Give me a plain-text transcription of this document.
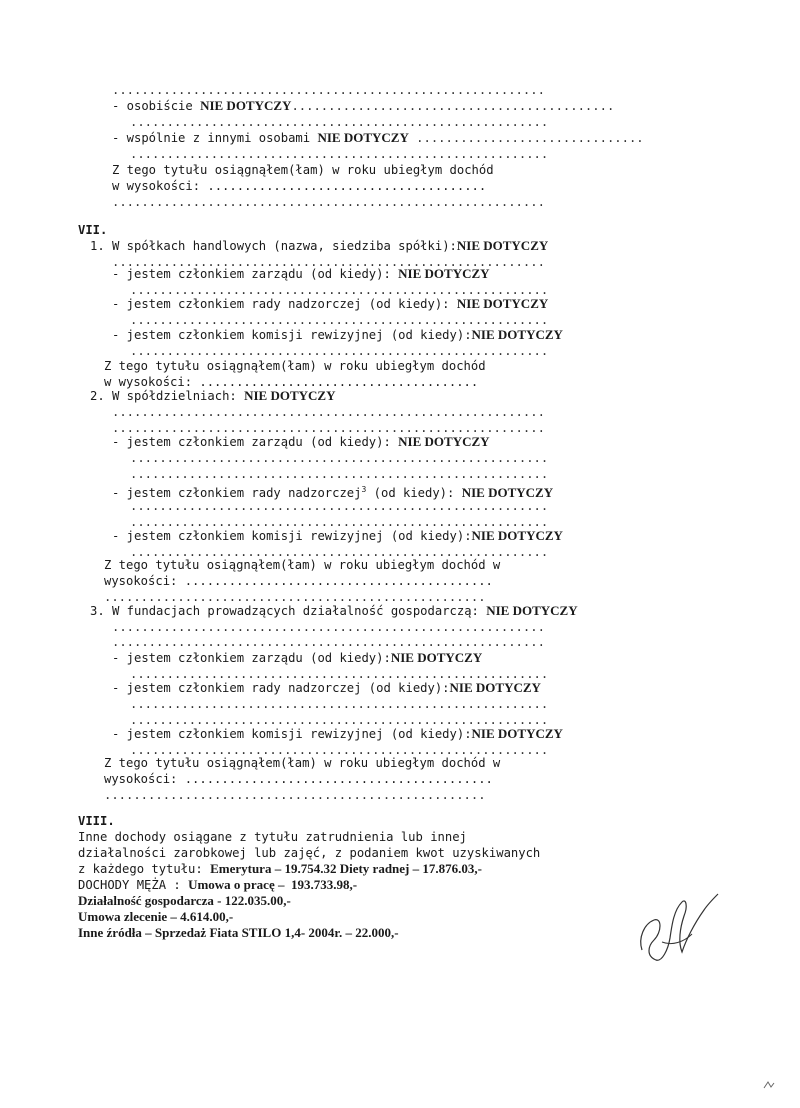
...........................................................
- osobiście NIE DOTYCZY............................................
.........................................................
- wspólnie z innymi osobami NIE DOTYCZY ...............................
.........................................................
Z tego tytułu osiągnąłem(łam) w roku ubiegłym dochód
w wysokości: ......................................
...........................................................
VII.
1. W spółkach handlowych (nazwa, siedziba spółki):NIE DOTYCZY
...........................................................
- jestem członkiem zarządu (od kiedy): NIE DOTYCZY
.........................................................
- jestem członkiem rady nadzorczej (od kiedy): NIE DOTYCZY
.........................................................
- jestem członkiem komisji rewizyjnej (od kiedy):NIE DOTYCZY
.........................................................
Z tego tytułu osiągnąłem(łam) w roku ubiegłym dochód
w wysokości: ......................................
2. W spółdzielniach: NIE DOTYCZY
...........................................................
...........................................................
- jestem członkiem zarządu (od kiedy): NIE DOTYCZY
.........................................................
.........................................................
- jestem członkiem rady nadzorczej$^3$ (od kiedy): NIE DOTYCZY
.........................................................
.........................................................
- jestem członkiem komisji rewizyjnej (od kiedy):NIE DOTYCZY
.........................................................
Z tego tytułu osiągnąłem(łam) w roku ubiegłym dochód w
wysokości: ..........................................
....................................................
3. W fundacjach prowadzących działalność gospodarczą: NIE DOTYCZY
...........................................................
...........................................................
- jestem członkiem zarządu (od kiedy):NIE DOTYCZY
.........................................................
- jestem członkiem rady nadzorczej (od kiedy):NIE DOTYCZY
.........................................................
.........................................................
- jestem członkiem komisji rewizyjnej (od kiedy):NIE DOTYCZY
.........................................................
Z tego tytułu osiągnąłem(łam) w roku ubiegłym dochód w
wysokości: ..........................................
....................................................
VIII.
Inne dochody osiągane z tytułu zatrudnienia lub innej
działalności zarobkowej lub zajęć, z podaniem kwot uzyskiwanych
z każdego tytułu: Emerytura – 19.754.32 Diety radnej – 17.876.03,-
DOCHODY MĘŻA : Umowa o pracę –  193.733.98,-
Działalność gospodarcza - 122.035.00,-
Umowa zlecenie – 4.614.00,-
Inne źródła – Sprzedaż Fiata STILO 1,4- 2004r. – 22.000,-
